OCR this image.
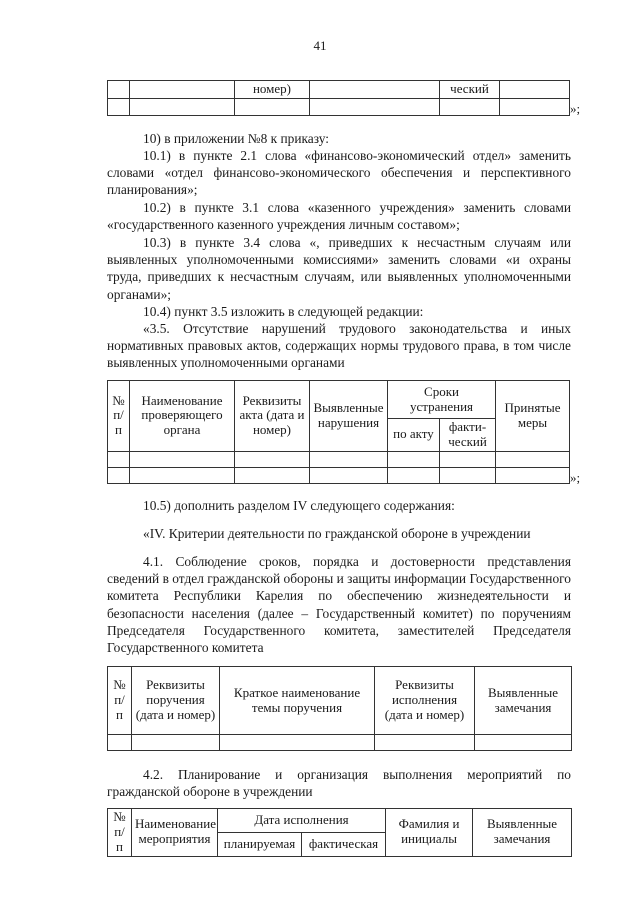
41
		номер)		ческий	

»;
10) в приложении №8 к приказу:
10.1) в пункте 2.1 слова «финансово-экономический отдел» заменить словами «отдел финансово-экономического обеспечения и перспективного планирования»;
10.2) в пункте 3.1 слова «казенного учреждения» заменить словами «государственного казенного учреждения личным составом»;
10.3) в пункте 3.4 слова «, приведших к несчастным случаям или выявленных уполномоченными комиссиями» заменить словами «и охраны труда, приведших к несчастным случаям, или выявленных уполномоченными органами»;
10.4) пункт 3.5 изложить в следующей редакции:
«3.5. Отсутствие нарушений трудового законодательства и иных нормативных правовых актов, содержащих нормы трудового права, в том числе выявленных уполномоченными органами
№ п/п	Наименование проверяющего органа	Реквизиты акта (дата и номер)	Выявленные нарушения	Сроки устранения		Принятые меры
				по акту	факти- ческий	

»;
10.5) дополнить разделом IV следующего содержания:
«IV. Критерии деятельности по гражданской обороне в учреждении
4.1. Соблюдение сроков, порядка и достоверности представления сведений в отдел гражданской обороны и защиты информации Государственного комитета Республики Карелия по обеспечению жизнедеятельности и безопасности населения (далее – Государственный комитет) по поручениям Председателя Государственного комитета, заместителей Председателя Государственного комитета
№ п/п	Реквизиты поручения (дата и номер)	Краткое наименование темы поручения	Реквизиты исполнения (дата и номер)	Выявленные замечания

4.2. Планирование и организация выполнения мероприятий по гражданской обороне в учреждении
№ п/п	Наименование мероприятия	Дата исполнения		Фамилия и инициалы	Выявленные замечания
		планируемая	фактическая		
